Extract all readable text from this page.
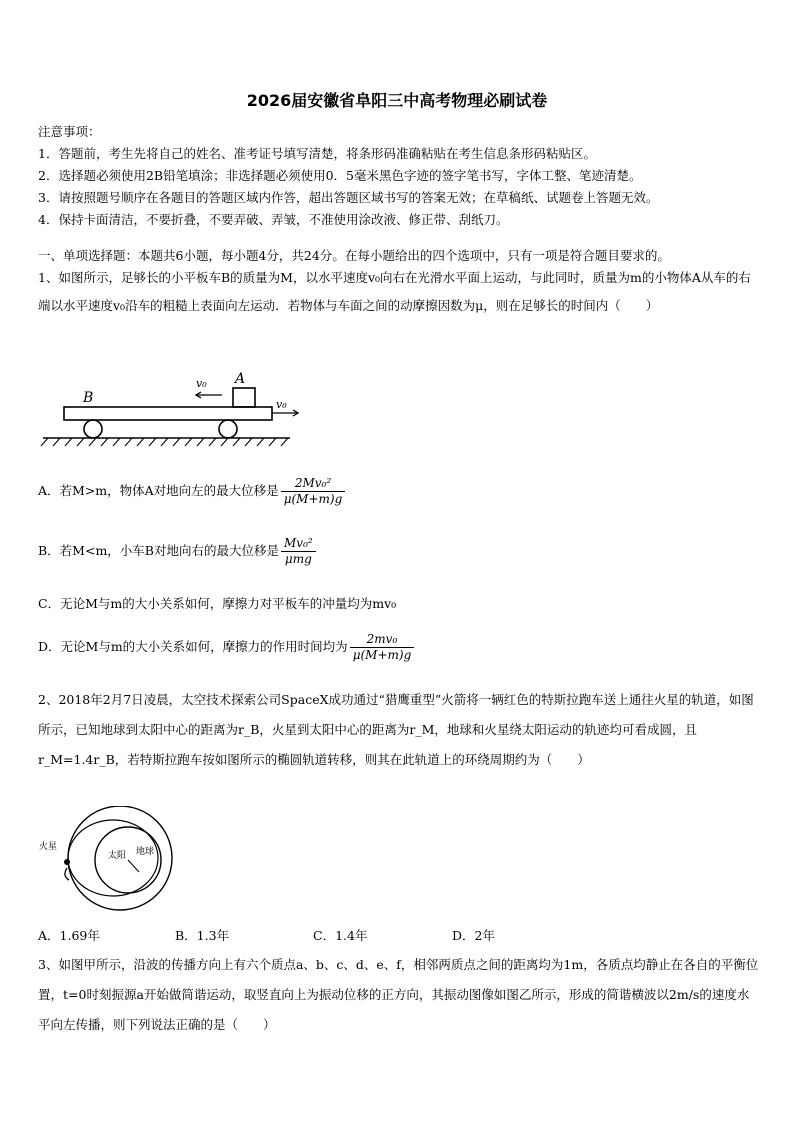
2026届安徽省阜阳三中高考物理必刷试卷
注意事项：
1．答题前，考生先将自己的姓名、准考证号填写清楚，将条形码准确粘贴在考生信息条形码粘贴区。
2．选择题必须使用2B铅笔填涂；非选择题必须使用0．5毫米黑色字迹的签字笔书写，字体工整、笔迹清楚。
3．请按照题号顺序在各题目的答题区域内作答，超出答题区域书写的答案无效；在草稿纸、试题卷上答题无效。
4．保持卡面清洁，不要折叠，不要弄破、弄皱，不准使用涂改液、修正带、刮纸刀。
一、单项选择题：本题共6小题，每小题4分，共24分。在每小题给出的四个选项中，只有一项是符合题目要求的。
1、如图所示，足够长的小平板车B的质量为M，以水平速度v₀向右在光滑水平面上运动，与此同时，质量为m的小物体A从车的右端以水平速度v₀沿车的粗糙上表面向左运动．若物体与车面之间的动摩擦因数为μ，则在足够长的时间内（　　）
A
B
v₀
v₀
A．若M>m，物体A对地向左的最大位移是 $\frac{\text{2Mv₀²}}{\mu(M+m)g}$
B．若M<m，小车B对地向右的最大位移是 $\frac{\text{Mv₀²}}{\text{μmg}}$
C．无论M与m的大小关系如何，摩擦力对平板车的冲量均为mv₀
D．无论M与m的大小关系如何，摩擦力的作用时间均为 $\frac{\text{2mv₀}}{\mu(M+m)g}$
2、2018年2月7日凌晨，太空技术探索公司SpaceX成功通过“猎鹰重型”火箭将一辆红色的特斯拉跑车送上通往火星的轨道，如图所示，已知地球到太阳中心的距离为r_B，火星到太阳中心的距离为r_M，地球和火星绕太阳运动的轨迹均可看成圆，且r_M=1.4r_B，若特斯拉跑车按如图所示的椭圆轨道转移，则其在此轨道上的环绕周期约为（　　）
火星
太阳 地球
A．1.69年	B．1.3年	C．1.4年	D．2年
3、如图甲所示，沿波的传播方向上有六个质点a、b、c、d、e、f，相邻两质点之间的距离均为1m，各质点均静止在各自的平衡位置，t=0时刻振源a开始做简谐运动，取竖直向上为振动位移的正方向，其振动图像如图乙所示，形成的简谐横波以2m/s的速度水平向左传播，则下列说法正确的是（　　）
